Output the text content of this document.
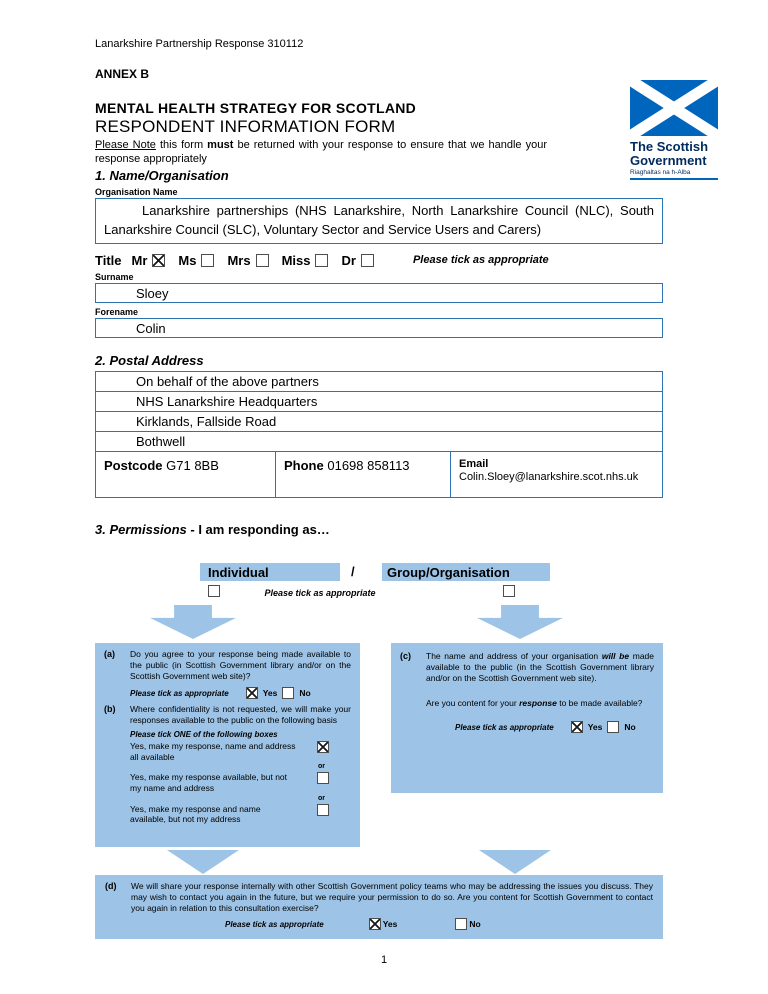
Lanarkshire Partnership Response 310112
The Scottish
Government
Riaghaltas na h-Alba
ANNEX B
MENTAL HEALTH STRATEGY FOR SCOTLAND
RESPONDENT INFORMATION FORM

Please Note this form must be returned with your response to ensure that we handle your response appropriately

1. Name/Organisation
Organisation Name
Lanarkshire partnerships (NHS Lanarkshire, North Lanarkshire Council (NLC), South Lanarkshire Council (SLC), Voluntary Sector and Service Users and Carers)
Title Mr Ms Mrs Miss Dr	Please tick as appropriate
Surname
Sloey
Forename
Colin
2. Postal Address
On behalf of the above partners
NHS Lanarkshire Headquarters
Kirklands, Fallside Road
Bothwell
Postcode G71 8BB	Phone 01698 858113	Email
Colin.Sloey@lanarkshire.scot.nhs.uk
3. Permissions - I am responding as…
Individual	/ Group/Organisation
Please tick as appropriate
(a)	Do you agree to your response being made available to the public (in Scottish Government library and/or on the Scottish Government web site)?
Please tick as appropriate	Yes	No
(b)	Where confidentiality is not requested, we will make your responses available to the public on the following basis
Please tick ONE of the following boxes
Yes, make my response, name and address all available
or
Yes, make my response available, but not my name and address
or
Yes, make my response and name available, but not my address
(c)	The name and address of your organisation will be made available to the public (in the Scottish Government library and/or on the Scottish Government web site).
Are you content for your response to be made available?
Please tick as appropriate	Yes	No
(d)	We will share your response internally with other Scottish Government policy teams who may be addressing the issues you discuss. They may wish to contact you again in the future, but we require your permission to do so. Are you content for Scottish Government to contact you again in relation to this consultation exercise?
Please tick as appropriate	Yes	No
1
